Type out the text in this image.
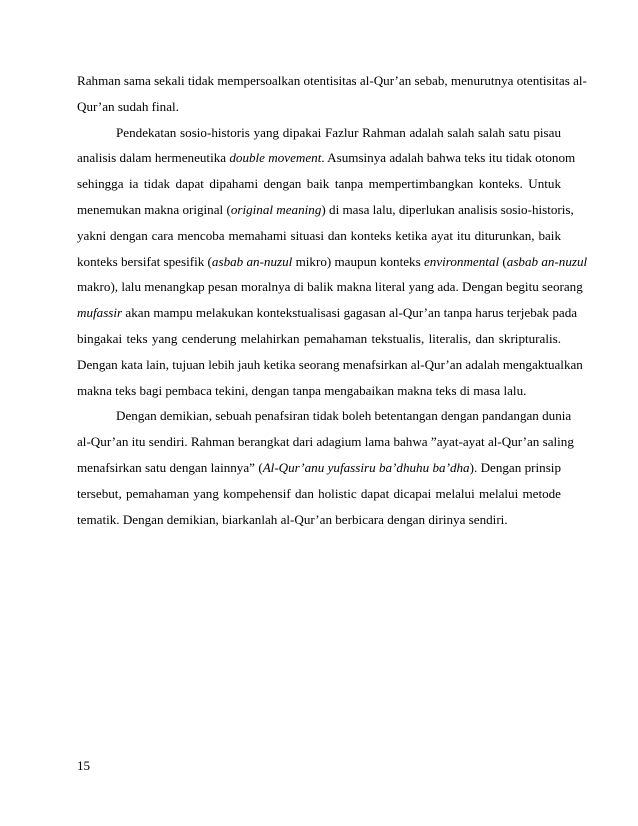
Rahman sama sekali tidak mempersoalkan otentisitas al-Qur’an sebab, menurutnya otentisitas al-
Qur’an sudah final.
Pendekatan sosio-historis yang dipakai Fazlur Rahman adalah salah salah satu pisau
analisis dalam hermeneutika double movement. Asumsinya adalah bahwa teks itu tidak otonom
sehingga ia tidak dapat dipahami dengan baik tanpa mempertimbangkan konteks. Untuk
menemukan makna original (original meaning) di masa lalu, diperlukan analisis sosio-historis,
yakni dengan cara mencoba memahami situasi dan konteks ketika ayat itu diturunkan, baik
konteks bersifat spesifik (asbab an-nuzul mikro) maupun konteks environmental (asbab an-nuzul
makro), lalu menangkap pesan moralnya di balik makna literal yang ada. Dengan begitu seorang
mufassir akan mampu melakukan kontekstualisasi gagasan al-Qur’an tanpa harus terjebak pada
bingakai teks yang cenderung melahirkan pemahaman tekstualis, literalis, dan skripturalis.
Dengan kata lain, tujuan lebih jauh ketika seorang menafsirkan al-Qur’an adalah mengaktualkan
makna teks bagi pembaca tekini, dengan tanpa mengabaikan makna teks di masa lalu.
Dengan demikian, sebuah penafsiran tidak boleh betentangan dengan pandangan dunia
al-Qur’an itu sendiri. Rahman berangkat dari adagium lama bahwa ”ayat-ayat al-Qur’an saling
menafsirkan satu dengan lainnya” (Al-Qur’anu yufassiru ba’dhuhu ba’dha). Dengan prinsip
tersebut, pemahaman yang kompehensif dan holistic dapat dicapai melalui melalui metode
tematik. Dengan demikian, biarkanlah al-Qur’an berbicara dengan dirinya sendiri.
15
